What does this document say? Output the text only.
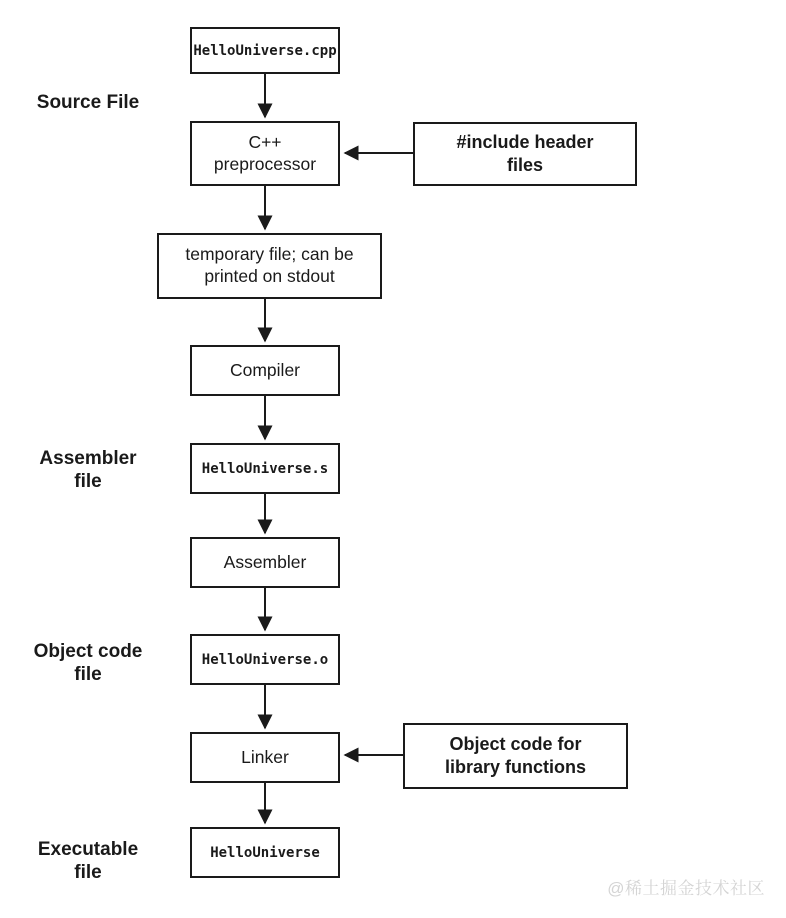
Source File
Assembler
file
Object code
file
Executable
file
HelloUniverse.cpp
C++
preprocessor
temporary file; can be
printed on stdout
Compiler
HelloUniverse.s
Assembler
HelloUniverse.o
Linker
HelloUniverse
#include header
files
Object code for
library functions
@稀土掘金技术社区
